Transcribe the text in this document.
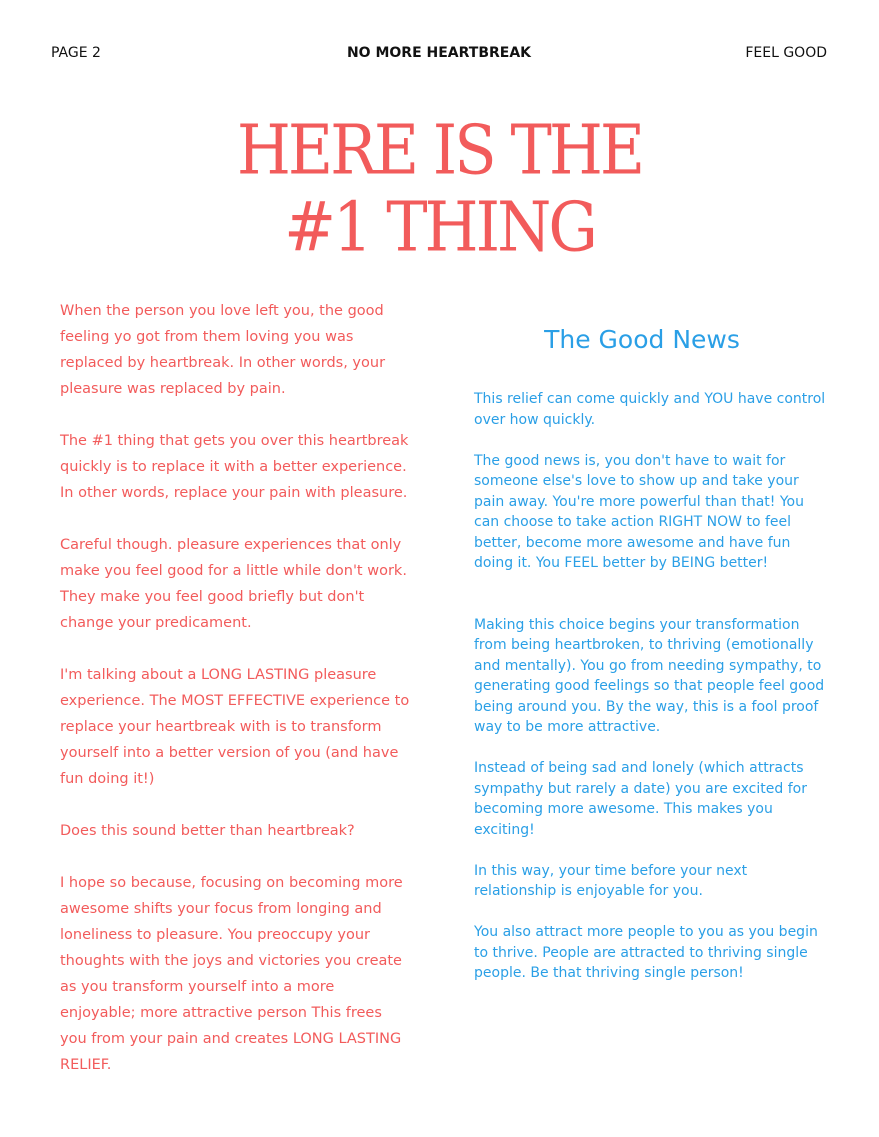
PAGE 2	NO MORE HEARTBREAK	FEEL GOOD
HERE IS THE
#1 THING

When the person you love left you, the good feeling yo got from them loving you was replaced by heartbreak. In other words, your pleasure was replaced by pain.

The #1 thing that gets you over this heartbreak quickly is to replace it with a better experience. In other words, replace your pain with pleasure.

Careful though. pleasure experiences that only make you feel good for a little while don't work. They make you feel good briefly but don't change your predicament.

I'm talking about a LONG LASTING pleasure experience. The MOST EFFECTIVE experience to replace your heartbreak with is to transform yourself into a better version of you (and have fun doing it!)

Does this sound better than heartbreak?

I hope so because, focusing on becoming more awesome shifts your focus from longing and loneliness to pleasure. You preoccupy your thoughts with the joys and victories you create as you transform yourself into a more enjoyable; more attractive person This frees you from your pain and creates LONG LASTING RELIEF.

The Good News

This relief can come quickly and YOU have control over how quickly.

The good news is, you don't have to wait for someone else's love to show up and take your pain away. You're more powerful than that! You can choose to take action RIGHT NOW to feel better, become more awesome and have fun doing it. You FEEL better by BEING better!

Making this choice begins your transformation from being heartbroken, to thriving (emotionally and mentally). You go from needing sympathy, to generating good feelings so that people feel good being around you. By the way, this is a fool proof way to be more attractive.

Instead of being sad and lonely (which attracts sympathy but rarely a date) you are excited for becoming more awesome. This makes you exciting!

In this way, your time before your next relationship is enjoyable for you.

You also attract more people to you as you begin to thrive. People are attracted to thriving single people. Be that thriving single person!
